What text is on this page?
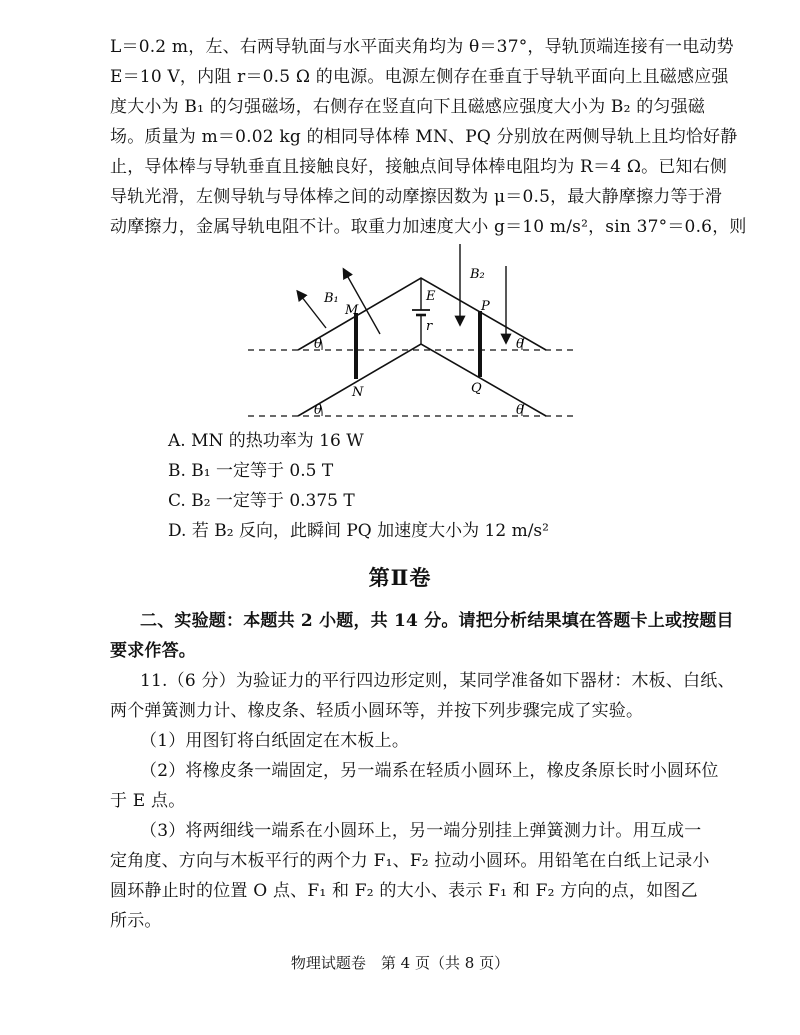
L＝0.2 m，左、右两导轨面与水平面夹角均为 θ＝37°，导轨顶端连接有一电动势
E＝10 V，内阻 r＝0.5 Ω 的电源。电源左侧存在垂直于导轨平面向上且磁感应强
度大小为 B₁ 的匀强磁场，右侧存在竖直向下且磁感应强度大小为 B₂ 的匀强磁
场。质量为 m＝0.02 kg 的相同导体棒 MN、PQ 分别放在两侧导轨上且均恰好静
止，导体棒与导轨垂直且接触良好，接触点间导体棒电阻均为 R＝4 Ω。已知右侧
导轨光滑，左侧导轨与导体棒之间的动摩擦因数为 μ＝0.5，最大静摩擦力等于滑
动摩擦力，金属导轨电阻不计。取重力加速度大小 g＝10 m/s²，sin 37°＝0.6，则
B₁
B₂
M
N
P
Q
E
r
θ	θ
θ	θ
A. MN 的热功率为 16 W
B. B₁ 一定等于 0.5 T
C. B₂ 一定等于 0.375 T
D. 若 B₂ 反向，此瞬间 PQ 加速度大小为 12 m/s²
第Ⅱ卷
二、实验题：本题共 2 小题，共 14 分。请把分析结果填在答题卡上或按题目
要求作答。
11.（6 分）为验证力的平行四边形定则，某同学准备如下器材：木板、白纸、
两个弹簧测力计、橡皮条、轻质小圆环等，并按下列步骤完成了实验。
（1）用图钉将白纸固定在木板上。
（2）将橡皮条一端固定，另一端系在轻质小圆环上，橡皮条原长时小圆环位
于 E 点。
（3）将两细线一端系在小圆环上，另一端分别挂上弹簧测力计。用互成一
定角度、方向与木板平行的两个力 F₁、F₂ 拉动小圆环。用铅笔在白纸上记录小
圆环静止时的位置 O 点、F₁ 和 F₂ 的大小、表示 F₁ 和 F₂ 方向的点，如图乙
所示。
物理试题卷　第 4 页（共 8 页）
